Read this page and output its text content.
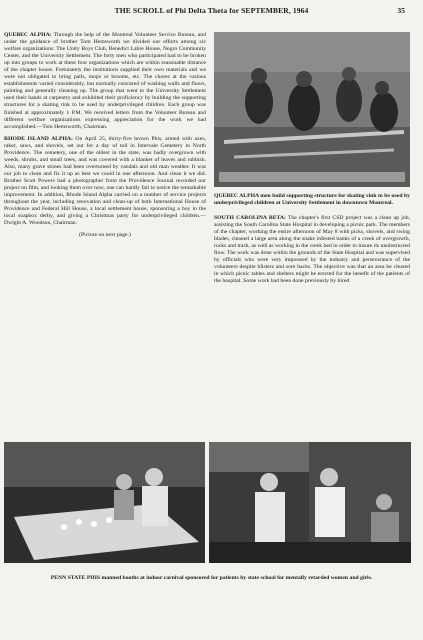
THE SCROLL of Phi Delta Theta for SEPTEMBER, 1964	35

QUEBEC ALPHA: Through the help of the Montreal Volunteer Service Bureau, and under the guidance of brother Tom Hemsworth we divided our efforts among six welfare organizations: The Unity Boys Club, Benedict Labre House, Negro Community Center, and the University Settlement. The forty men who participated had to be broken up into groups to work at these four organizations which are within reasonable distance of the chapter house. Fortunately the institutions supplied their own materials and we were not obligated to bring pails, mops or brooms, etc. The chores at the various establishments varied considerably, but normally consisted of washing walls and floors, painting and generally cleaning up. The group that went to the University Settlement used their hands at carpentry and exhibited their proficiency by building the supporting structures for a skating rink to be used by underprivileged children. Each group was finished at approximately 1 P.M. We received letters from the Volunteer Bureau and different welfare organizations expressing appreciation for the work we had accomplished.—Tom Hemsworth, Chairman.

RHODE ISLAND ALPHA: On April 25, thirty-five brown Phis, armed with axes, raker, saws, and shovels, set out for a day of toil in Intervale Cemetery in North Providence. The cemetery, one of the oldest in the state, was badly overgrown with weeds, shrubs, and small trees, and was covered with a blanket of leaves and rubbish. Also, many grave stones had been overturned by vandals and old man weather. It was our job to clean and fix it up as best we could in one afternoon. And clean it we did. Brother Scott Powers had a photographer from the Providence Journal recorded our project on film, and looking them over now, one can hardly fail to notice the remarkable improvement. In addition, Rhode Island Alpha carried on a number of service projects throughout the year, including renovation and clean-up of both International House of Providence and Federal Hill House, a local settlement house, sponsoring a boy in the local soapbox derby, and giving a Christmas party for underprivileged children.—Dwight A. Woodson, Chairman.

(Picture on next page.)

QUEBEC ALPHA men build supporting structure for skating rink to be used by underprivileged children at University Settlement in downtown Montreal.

SOUTH CAROLINA BETA: The chapter's first CSD project was a clean up job, assisting the South Carolina State Hospital in developing a picnic park. The members of the chapter, working the entire afternoon of May 8 with picks, shovels, and swing blades, cleaned a large area along the snake infested banks of a creek of overgrowth, rocks and trash, as well as working in the creek bed in order to insure its unobstructed flow. The work was done within the grounds of the State Hospital and was supervised by officials who were very impressed by the industry and perseverance of the volunteers despite blisters and sore backs. The objective was that an area be cleared in which picnic tables and shelters might be erected for the benefit of the patients of the hospital. Some work had been done previously by hired

PENN STATE PHIS manned booths at indoor carnival sponsored for patients by state school for mentally retarded women and girls.
